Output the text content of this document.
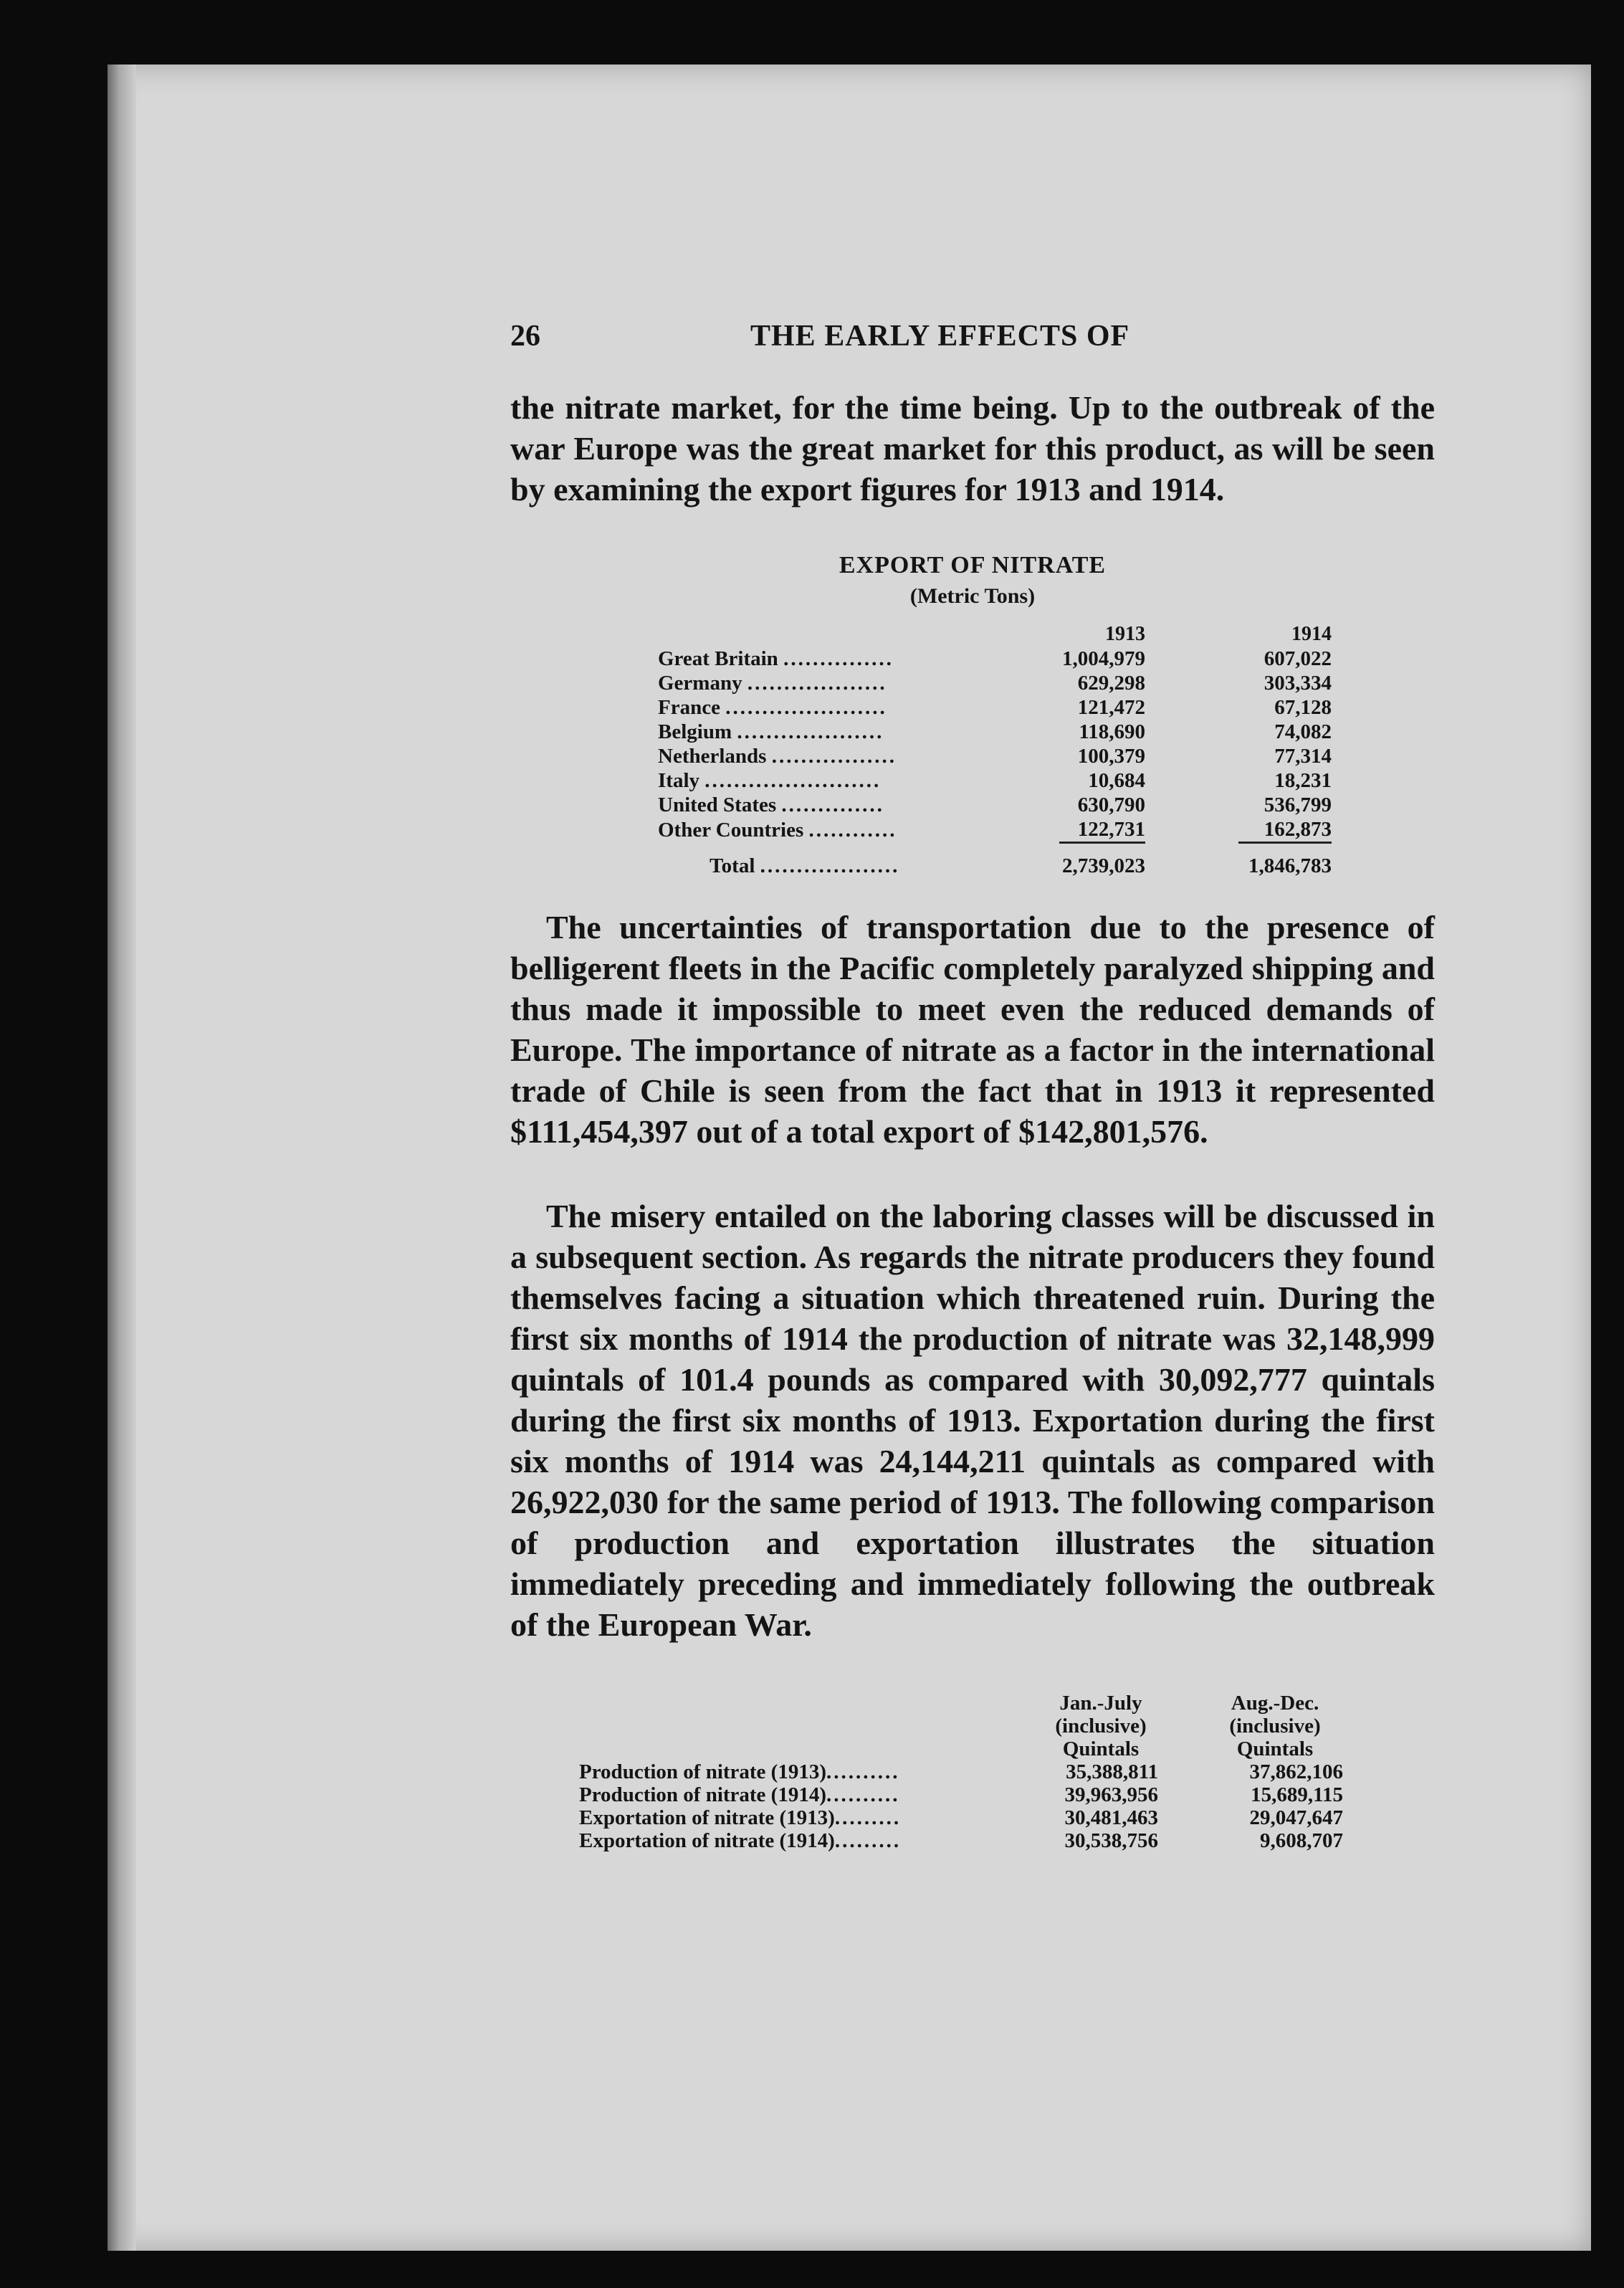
26	THE EARLY EFFECTS OF

the nitrate market, for the time being. Up to the outbreak of the war Europe was the great market for this product, as will be seen by examining the export figures for 1913 and 1914.

EXPORT OF NITRATE
(Metric Tons)
	1913		1914
Great Britain ...............	1,004,979		607,022
Germany ...................	629,298		303,334
France ......................	121,472		67,128
Belgium ....................	118,690		74,082
Netherlands .................	100,379		77,314
Italy ........................	10,684		18,231
United States ..............	630,790		536,799
Other Countries ............	122,731		162,873

Total ...................	2,739,023		1,846,783

The uncertainties of transportation due to the presence of belligerent fleets in the Pacific completely paralyzed shipping and thus made it impossible to meet even the reduced demands of Europe. The importance of nitrate as a factor in the international trade of Chile is seen from the fact that in 1913 it represented $111,454,397 out of a total export of $142,801,576.

The misery entailed on the laboring classes will be discussed in a subsequent section. As regards the nitrate producers they found themselves facing a situation which threatened ruin. During the first six months of 1914 the production of nitrate was 32,148,999 quintals of 101.4 pounds as compared with 30,092,777 quintals during the first six months of 1913. Exportation during the first six months of 1914 was 24,144,211 quintals as compared with 26,922,030 for the same period of 1913. The following comparison of production and exportation illustrates the situation immediately preceding and immediately following the outbreak of the European War.

	Jan.-July		Aug.-Dec.
	(inclusive)		(inclusive)
	Quintals		Quintals
Production of nitrate (1913)..........	35,388,811		37,862,106
Production of nitrate (1914)..........	39,963,956		15,689,115
Exportation of nitrate (1913).........	30,481,463		29,047,647
Exportation of nitrate (1914).........	30,538,756		9,608,707
